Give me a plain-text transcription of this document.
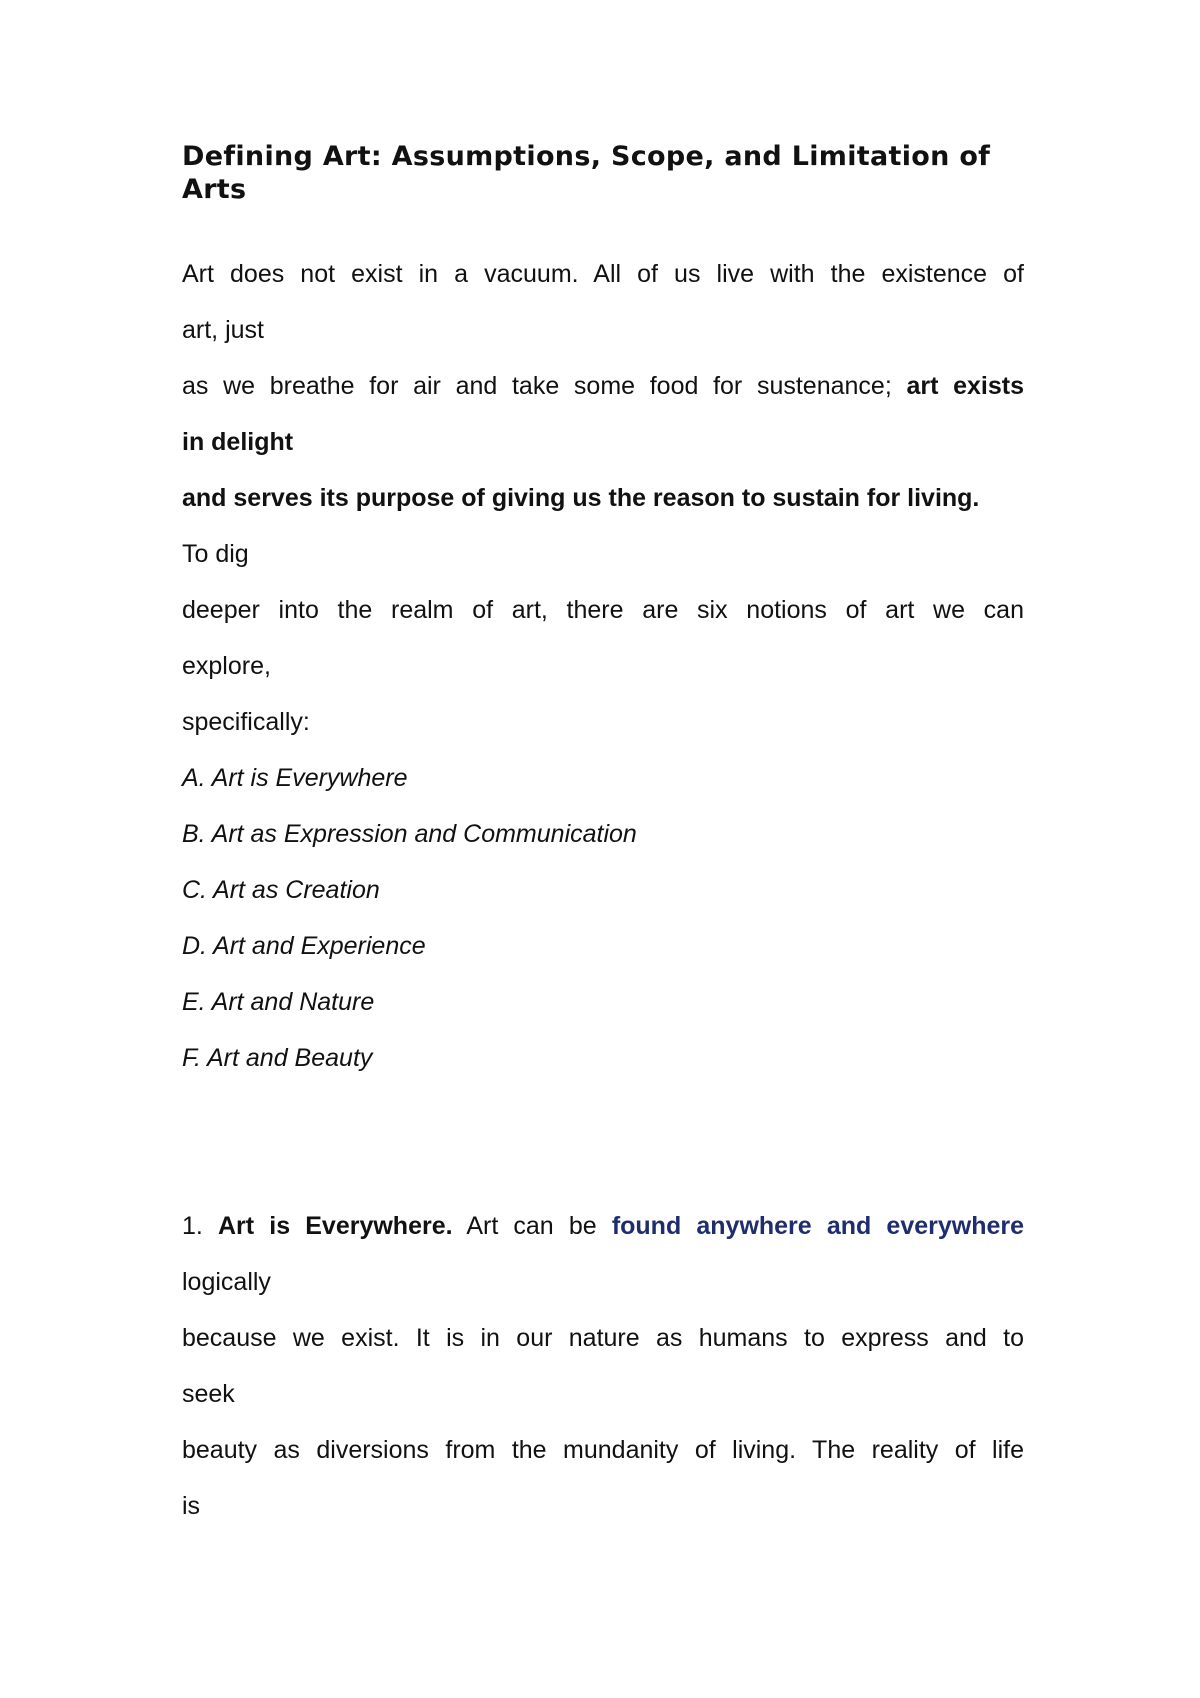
Defining Art: Assumptions, Scope, and Limitation of Arts
Art does not exist in a vacuum. All of us live with the existence of
art, just
as we breathe for air and take some food for sustenance; art exists
in delight
and serves its purpose of giving us the reason to sustain for living.
To dig
deeper into the realm of art, there are six notions of art we can
explore,
specifically:
A. Art is Everywhere
B. Art as Expression and Communication
C. Art as Creation
D. Art and Experience
E. Art and Nature
F. Art and Beauty
1. Art is Everywhere. Art can be found anywhere and everywhere
logically
because we exist. It is in our nature as humans to express and to
seek
beauty as diversions from the mundanity of living. The reality of life
is
